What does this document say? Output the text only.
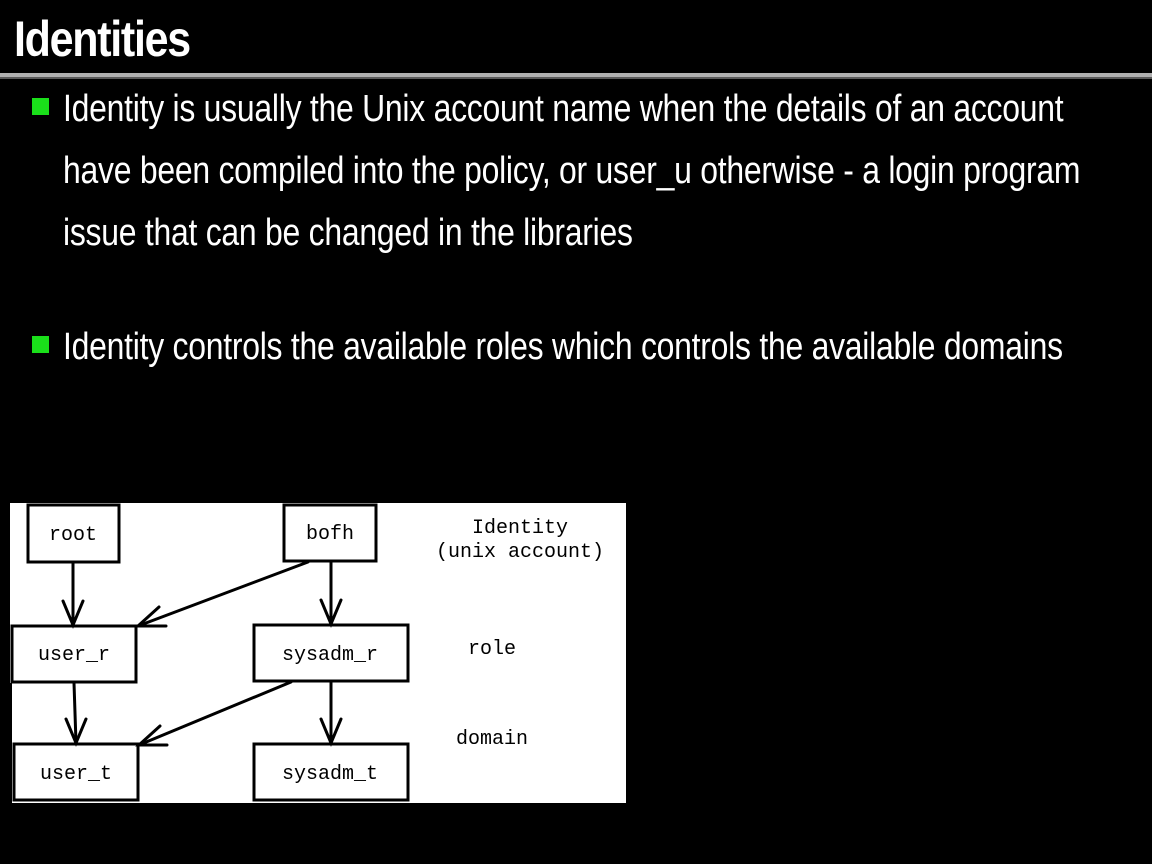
Identities
Identity is usually the Unix account name when the details of an account have been compiled into the policy, or user_u otherwise - a login program issue that can be changed in the libraries
Identity controls the available roles which controls the available domains
root	bofh	Identity
(unix account)
role
domain
user_r	sysadm_r
user_t	sysadm_t
